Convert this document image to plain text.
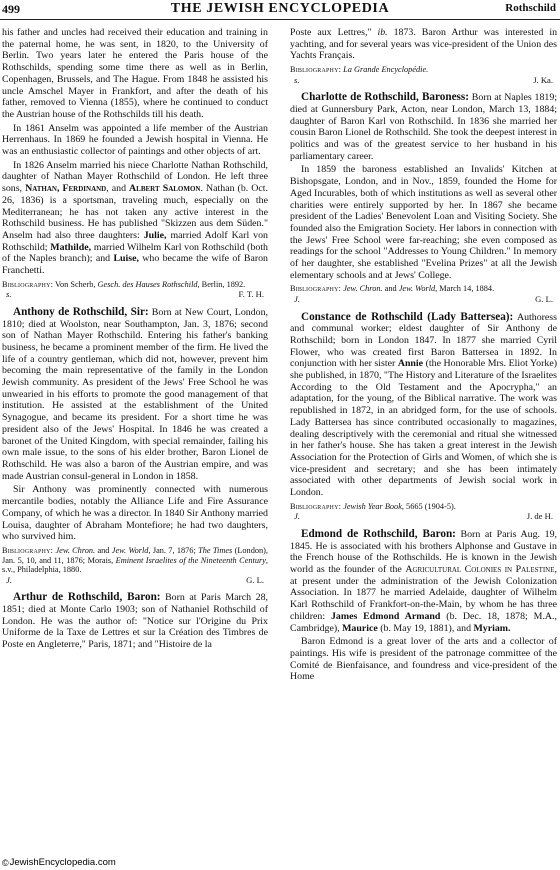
499	THE JEWISH ENCYCLOPEDIA	Rothschild

his father and uncles had received their education and training in the paternal home, he was sent, in 1820, to the University of Berlin. Two years later he entered the Paris house of the Rothschilds, spending some time there as well as in Berlin, Copenhagen, Brussels, and The Hague. From 1848 he assisted his uncle Amschel Mayer in Frankfort, and after the death of his father, removed to Vienna (1855), where he continued to conduct the Austrian house of the Rothschilds till his death.

In 1861 Anselm was appointed a life member of the Austrian Herrenhaus. In 1869 he founded a Jewish hospital in Vienna. He was an enthusiastic collector of paintings and other objects of art.

In 1826 Anselm married his niece Charlotte Nathan Rothschild, daughter of Nathan Mayer Rothschild of London. He left three sons, Nathan, Ferdinand, and Albert Salomon. Nathan (b. Oct. 26, 1836) is a sportsman, traveling much, especially on the Mediterranean; he has not taken any active interest in the Rothschild business. He has published "Skizzen aus dem Süden." Anselm had also three daughters: Julie, married Adolf Karl von Rothschild; Mathilde, married Wilhelm Karl von Rothschild (both of the Naples branch); and Luise, who became the wife of Baron Franchetti.

Bibliography: Von Scherb, Gesch. des Hauses Rothschild, Berlin, 1892.

s.	F. T. H.

Anthony de Rothschild, Sir: Born at New Court, London, 1810; died at Woolston, near Southampton, Jan. 3, 1876; second son of Nathan Mayer Rothschild. Entering his father's banking business, he became a prominent member of the firm. He lived the life of a country gentleman, which did not, however, prevent him becoming the main representative of the family in the London Jewish community. As president of the Jews' Free School he was unwearied in his efforts to promote the good management of that institution. He assisted at the establishment of the United Synagogue, and became its president. For a short time he was president also of the Jews' Hospital. In 1846 he was created a baronet of the United Kingdom, with special remainder, failing his own male issue, to the sons of his elder brother, Baron Lionel de Rothschild. He was also a baron of the Austrian empire, and was made Austrian consul-general in London in 1858.

Sir Anthony was prominently connected with numerous mercantile bodies, notably the Alliance Life and Fire Assurance Company, of which he was a director. In 1840 Sir Anthony married Louisa, daughter of Abraham Montefiore; he had two daughters, who survived him.

Bibliography: Jew. Chron. and Jew. World, Jan. 7, 1876; The Times (London), Jan. 5, 10, and 11, 1876; Morais, Eminent Israelites of the Nineteenth Century, s.v., Philadelphia, 1880.

J.	G. L.

Arthur de Rothschild, Baron: Born at Paris March 28, 1851; died at Monte Carlo 1903; son of Nathaniel Rothschild of London. He was the author of: "Notice sur l'Origine du Prix Uniforme de la Taxe de Lettres et sur la Création des Timbres de Poste en Angleterre," Paris, 1871; and "Histoire de la

Poste aux Lettres," ib. 1873. Baron Arthur was interested in yachting, and for several years was vice-president of the Union des Yachts Français.

Bibliography: La Grande Encyclopédie.

s.	J. Ka.

Charlotte de Rothschild, Baroness: Born at Naples 1819; died at Gunnersbury Park, Acton, near London, March 13, 1884; daughter of Baron Karl von Rothschild. In 1836 she married her cousin Baron Lionel de Rothschild. She took the deepest interest in politics and was of the greatest service to her husband in his parliamentary career.

In 1859 the baroness established an Invalids' Kitchen at Bishopsgate, London, and in Nov., 1859, founded the Home for Aged Incurables, both of which institutions as well as several other charities were entirely supported by her. In 1867 she became president of the Ladies' Benevolent Loan and Visiting Society. She founded also the Emigration Society. Her labors in connection with the Jews' Free School were far-reaching; she even composed as readings for the school "Addresses to Young Children." In memory of her daughter, she established "Evelina Prizes" at all the Jewish elementary schools and at Jews' College.

Bibliography: Jew. Chron. and Jew. World, March 14, 1884.

J.	G. L.

Constance de Rothschild (Lady Battersea): Authoress and communal worker; eldest daughter of Sir Anthony de Rothschild; born in London 1847. In 1877 she married Cyril Flower, who was created first Baron Battersea in 1892. In conjunction with her sister Annie (the Honorable Mrs. Eliot Yorke) she published, in 1870, "The History and Literature of the Israelites According to the Old Testament and the Apocrypha," an adaptation, for the young, of the Biblical narrative. The work was republished in 1872, in an abridged form, for the use of schools. Lady Battersea has since contributed occasionally to magazines, dealing descriptively with the ceremonial and ritual she witnessed in her father's house. She has taken a great interest in the Jewish Association for the Protection of Girls and Women, of which she is vice-president and secretary; and she has been intimately associated with other departments of Jewish social work in London.

Bibliography: Jewish Year Book, 5665 (1904-5).

J.	J. de H.

Edmond de Rothschild, Baron: Born at Paris Aug. 19, 1845. He is associated with his brothers Alphonse and Gustave in the French house of the Rothschilds. He is known in the Jewish world as the founder of the Agricultural Colonies in Palestine, at present under the administration of the Jewish Colonization Association. In 1877 he married Adelaide, daughter of Wilhelm Karl Rothschild of Frankfort-on-the-Main, by whom he has three children: James Edmond Armand (b. Dec. 18, 1878; M.A., Cambridge), Maurice (b. May 19, 1881), and Myriam.

Baron Edmond is a great lover of the arts and a collector of paintings. His wife is president of the patronage committee of the Comité de Bienfaisance, and foundress and vice-president of the Home

© JewishEncyclopedia.com
